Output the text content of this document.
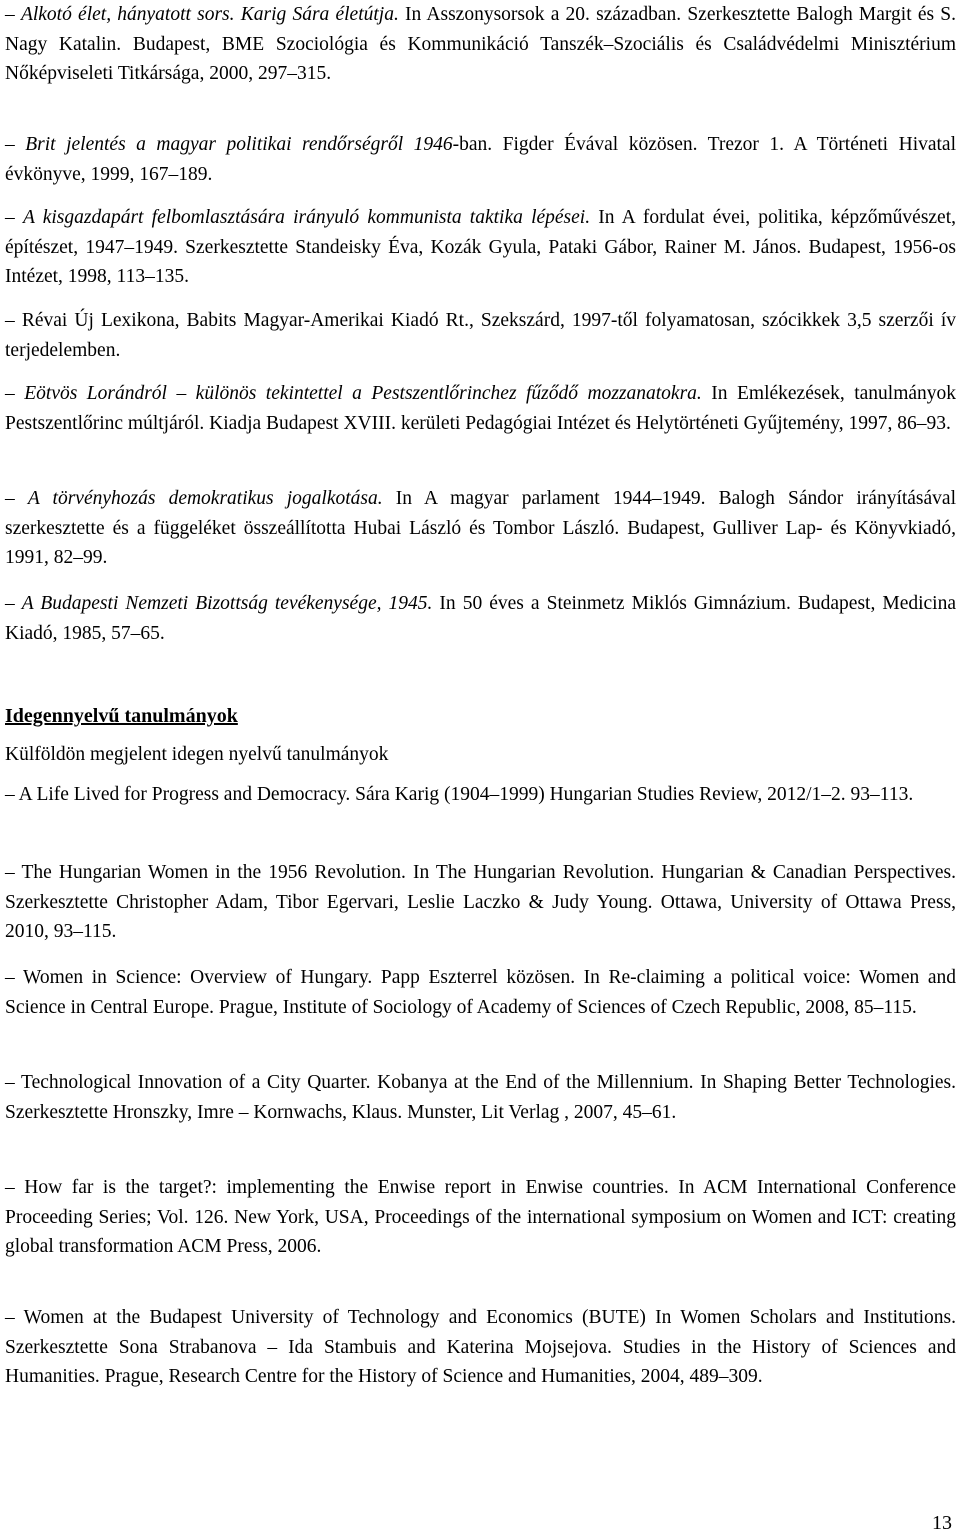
– Alkotó élet, hányatott sors. Karig Sára életútja. In Asszonysorsok a 20. században. Szerkesztette Balogh Margit és S. Nagy Katalin. Budapest, BME Szociológia és Kommunikáció Tanszék–Szociális és Családvédelmi Minisztérium Nőképviseleti Titkársága, 2000, 297–315.

– Brit jelentés a magyar politikai rendőrségről 1946-ban. Figder Évával közösen. Trezor 1. A Történeti Hivatal évkönyve, 1999, 167–189.

– A kisgazdapárt felbomlasztására irányuló kommunista taktika lépései. In A fordulat évei, politika, képzőművészet, építészet, 1947–1949. Szerkesztette Standeisky Éva, Kozák Gyula, Pataki Gábor, Rainer M. János. Budapest, 1956-os Intézet, 1998, 113–135.

– Révai Új Lexikona, Babits Magyar-Amerikai Kiadó Rt., Szekszárd, 1997-től folyamatosan, szócikkek 3,5 szerzői ív terjedelemben.

– Eötvös Lorándról – különös tekintettel a Pestszentlőrinchez fűződő mozzanatokra. In Emlékezések, tanulmányok Pestszentlőrinc múltjáról. Kiadja Budapest XVIII. kerületi Pedagógiai Intézet és Helytörténeti Gyűjtemény, 1997, 86–93.

– A törvényhozás demokratikus jogalkotása. In A magyar parlament 1944–1949. Balogh Sándor irányításával szerkesztette és a függeléket összeállította Hubai László és Tombor László. Budapest, Gulliver Lap- és Könyvkiadó, 1991, 82–99.

– A Budapesti Nemzeti Bizottság tevékenysége, 1945. In 50 éves a Steinmetz Miklós Gimnázium. Budapest, Medicina Kiadó, 1985, 57–65.

Idegennyelvű tanulmányok

Külföldön megjelent idegen nyelvű tanulmányok

– A Life Lived for Progress and Democracy. Sára Karig (1904–1999) Hungarian Studies Review, 2012/1–2. 93–113.

– The Hungarian Women in the 1956 Revolution. In The Hungarian Revolution. Hungarian & Canadian Perspectives. Szerkesztette Christopher Adam, Tibor Egervari, Leslie Laczko & Judy Young. Ottawa, University of Ottawa Press, 2010, 93–115.

– Women in Science: Overview of Hungary. Papp Eszterrel közösen. In Re-claiming a political voice: Women and Science in Central Europe. Prague, Institute of Sociology of Academy of Sciences of Czech Republic, 2008, 85–115.

– Technological Innovation of a City Quarter. Kobanya at the End of the Millennium. In Shaping Better Technologies. Szerkesztette Hronszky, Imre – Kornwachs, Klaus. Munster, Lit Verlag , 2007, 45–61.

– How far is the target?: implementing the Enwise report in Enwise countries. In ACM International Conference Proceeding Series; Vol. 126. New York, USA, Proceedings of the international symposium on Women and ICT: creating global transformation ACM Press, 2006.

– Women at the Budapest University of Technology and Economics (BUTE) In Women Scholars and Institutions. Szerkesztette Sona Strabanova – Ida Stambuis and Katerina Mojsejova. Studies in the History of Sciences and Humanities. Prague, Research Centre for the History of Science and Humanities, 2004, 489–309.

13
